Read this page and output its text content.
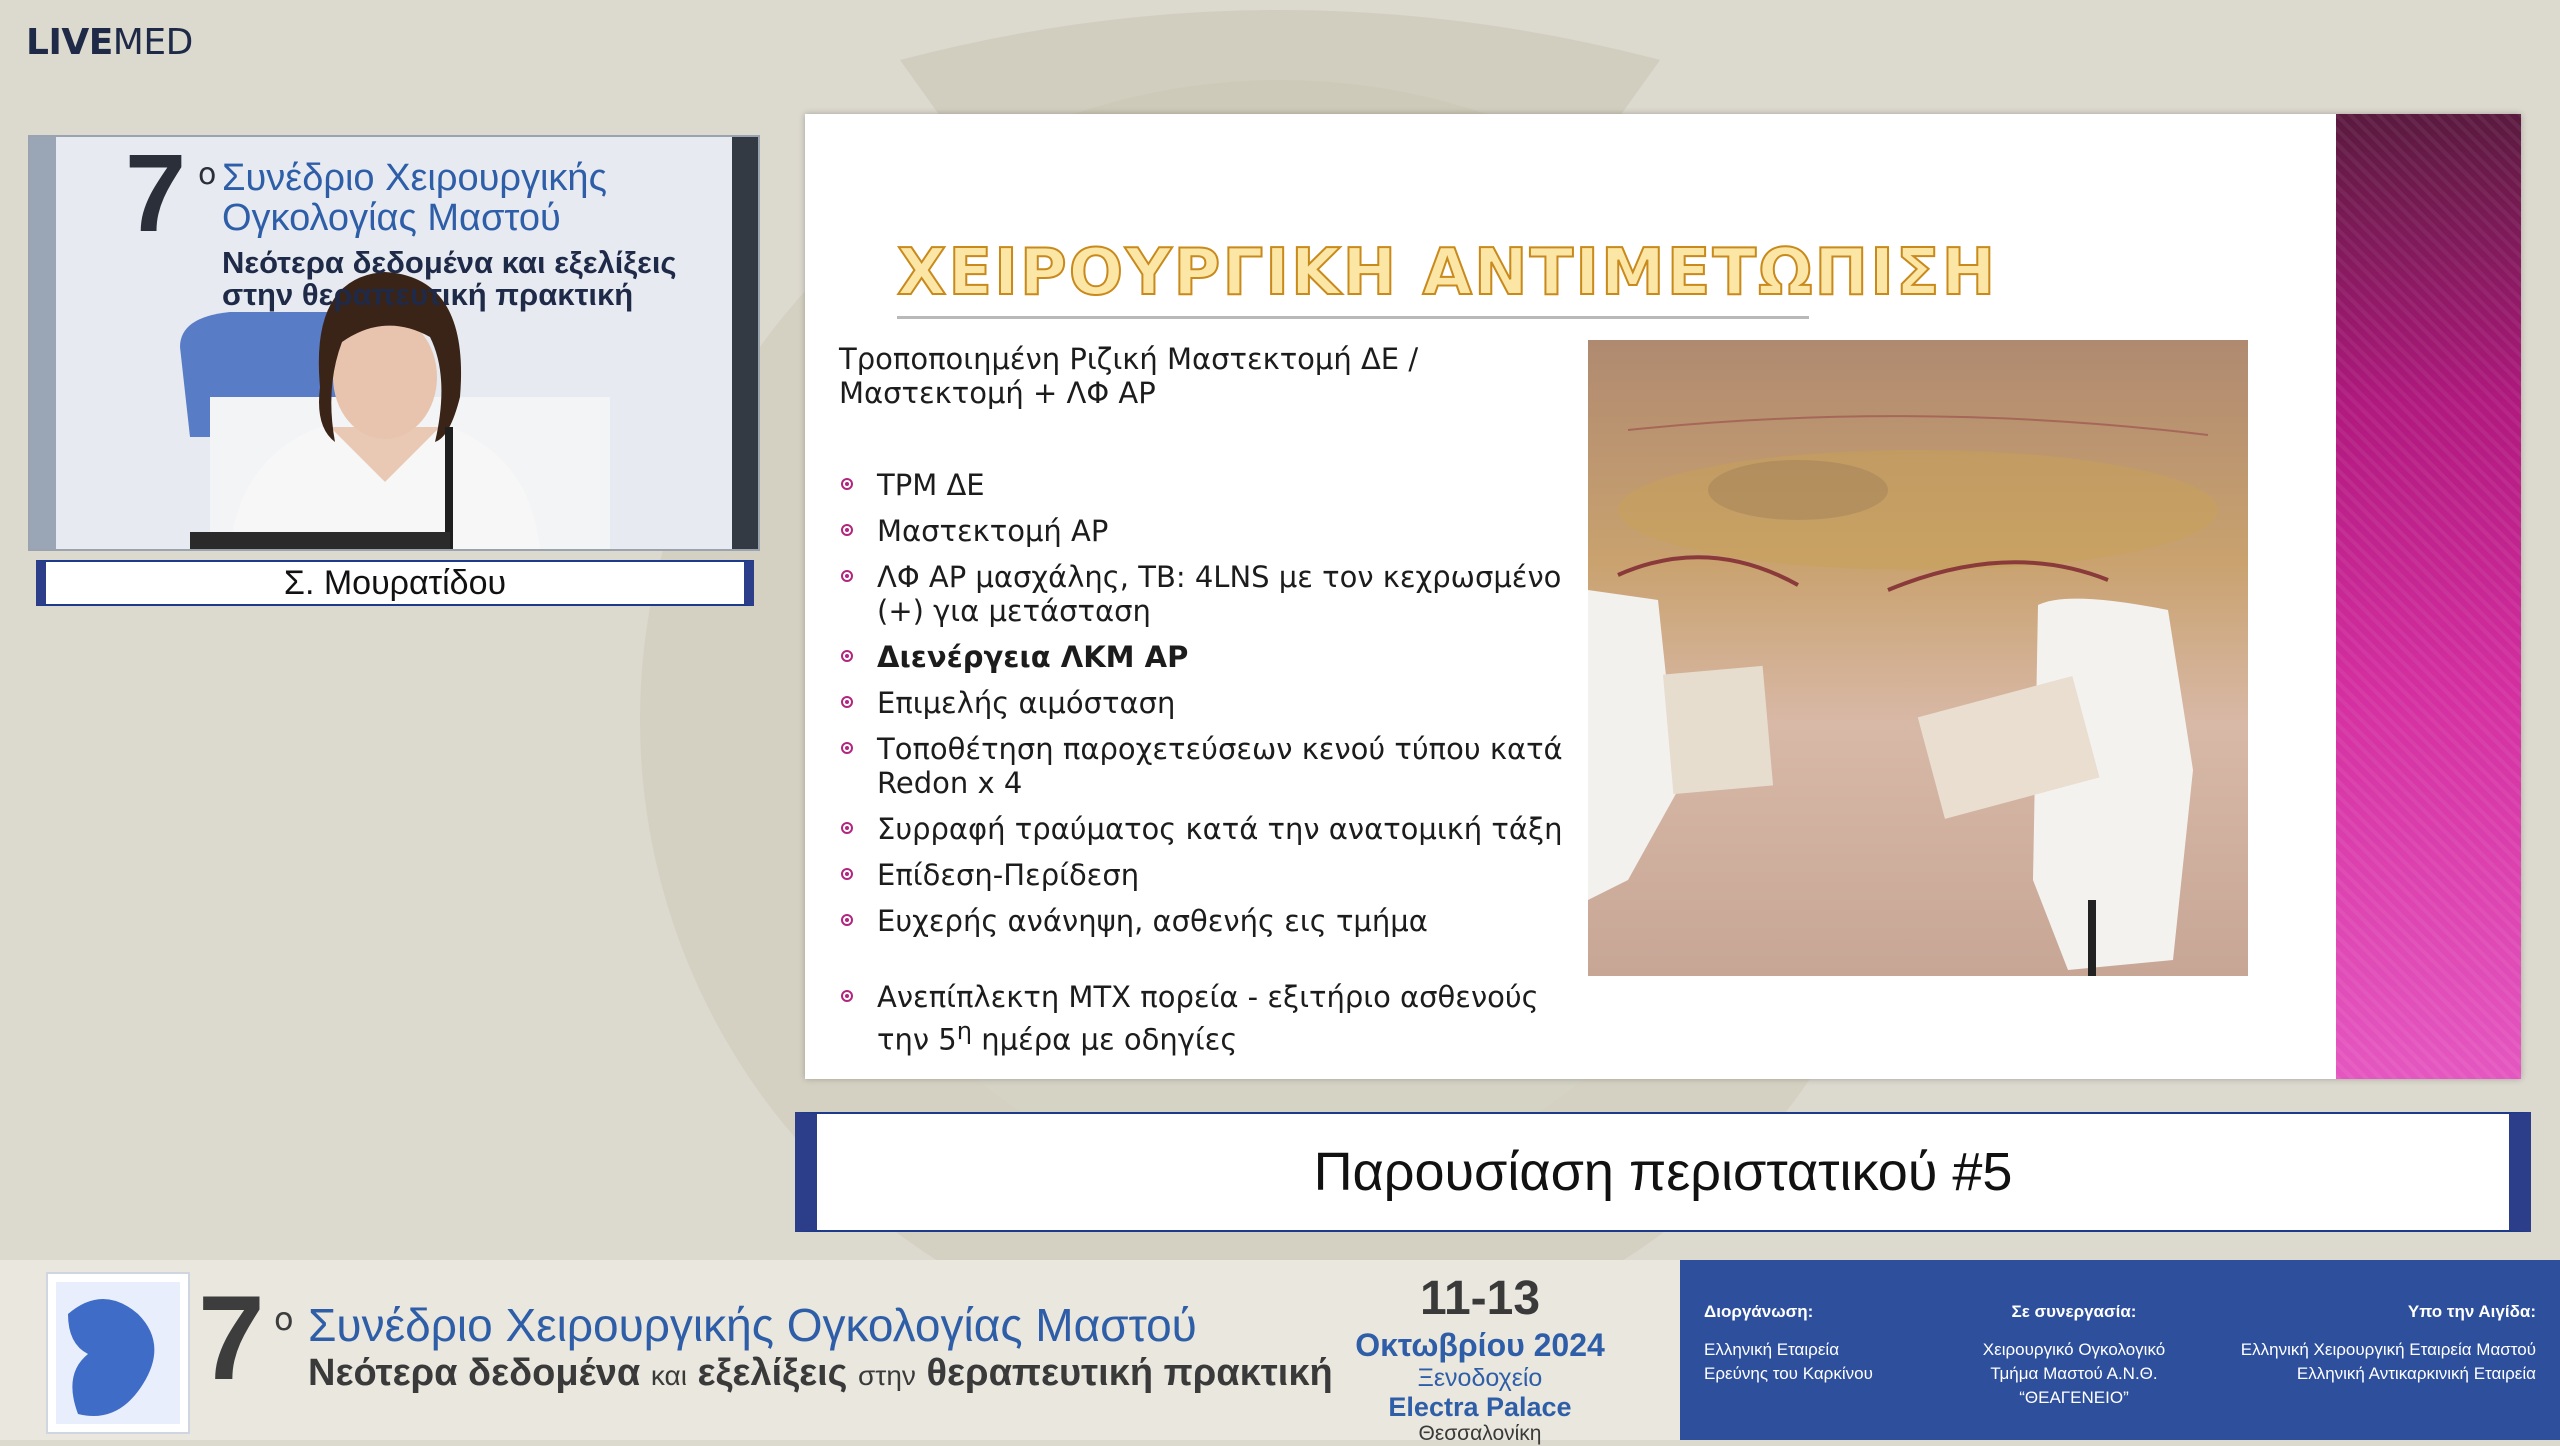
LIVEMED
7 ο Συνέδριο Χειρουργικής
Ογκολογίας Μαστού
Νεότερα δεδομένα και εξελίξεις
στην θεραπευτική πρακτική
Σ. Μουρατίδου
ΧΕΙΡΟΥΡΓΙΚΗ ΑΝΤΙΜΕΤΩΠΙΣΗ
Τροποποιημένη Ριζική Μαστεκτομή ΔΕ /
Μαστεκτομή + ΛΦ ΑΡ
ΤΡΜ ΔΕ
Μαστεκτομή ΑΡ
ΛΦ ΑΡ μασχάλης, ΤΒ: 4LNS με τον κεχρωσμένο (+) για μετάσταση
Διενέργεια ΛΚΜ ΑΡ
Επιμελής αιμόσταση
Τοποθέτηση παροχετεύσεων κενού τύπου κατά Redon x 4
Συρραφή τραύματος κατά την ανατομική τάξη
Επίδεση-Περίδεση
Ευχερής ανάνηψη, ασθενής εις τμήμα
Ανεπίπλεκτη ΜΤΧ πορεία - εξιτήριο ασθενούς την $5^\eta$ ημέρα με οδηγίες
Παρουσίαση περιστατικού #5
7 ο Συνέδριο Χειρουργικής Ογκολογίας Μαστού
Νεότερα δεδομένα και εξελίξεις στην θεραπευτική πρακτική
11-13
Οκτωβρίου 2024
Ξενοδοχείο
Electra Palace
Θεσσαλονίκη
Διοργάνωση:
Ελληνική Εταιρεία
Ερεύνης του Καρκίνου
Σε συνεργασία:
Χειρουργικό Ογκολογικό
Τμήμα Μαστού Α.Ν.Θ. “ΘΕΑΓΕΝΕΙΟ”
Υπο την Αιγίδα:
Ελληνική Χειρουργική Εταιρεία Μαστού
Ελληνική Αντικαρκινική Εταιρεία
